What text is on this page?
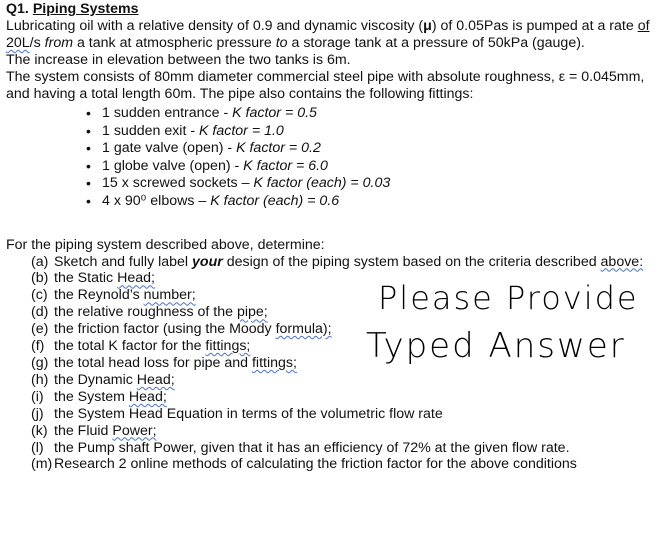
Q1. Piping Systems

Lubricating oil with a relative density of 0.9 and dynamic viscosity (μ) of 0.05Pas is pumped at a rate of 20L/s from a tank at atmospheric pressure to a storage tank at a pressure of 50kPa (gauge).

The increase in elevation between the two tanks is 6m.

The system consists of 80mm diameter commercial steel pipe with absolute roughness, ε = 0.045mm, and having a total length 60m. The pipe also contains the following fittings:

• 1 sudden entrance - K factor = 0.5
• 1 sudden exit - K factor = 1.0
• 1 gate valve (open) - K factor = 0.2
• 1 globe valve (open) - K factor = 6.0
• 15 x screwed sockets – K factor (each) = 0.03
• 4 x 90⁰ elbows – K factor (each) = 0.6

For the piping system described above, determine:

(a) Sketch and fully label your design of the piping system based on the criteria described above:
(b) the Static Head;
(c) the Reynold’s number;
(d) the relative roughness of the pipe;
(e) the friction factor (using the Moody formula);
(f) the total K factor for the fittings;
(g) the total head loss for pipe and fittings;
(h) the Dynamic Head;
(i) the System Head;
(j) the System Head Equation in terms of the volumetric flow rate
(k) the Fluid Power;
(l) the Pump shaft Power, given that it has an efficiency of 72% at the given flow rate.
(m) Research 2 online methods of calculating the friction factor for the above conditions
Please Provide
Typed Answer
